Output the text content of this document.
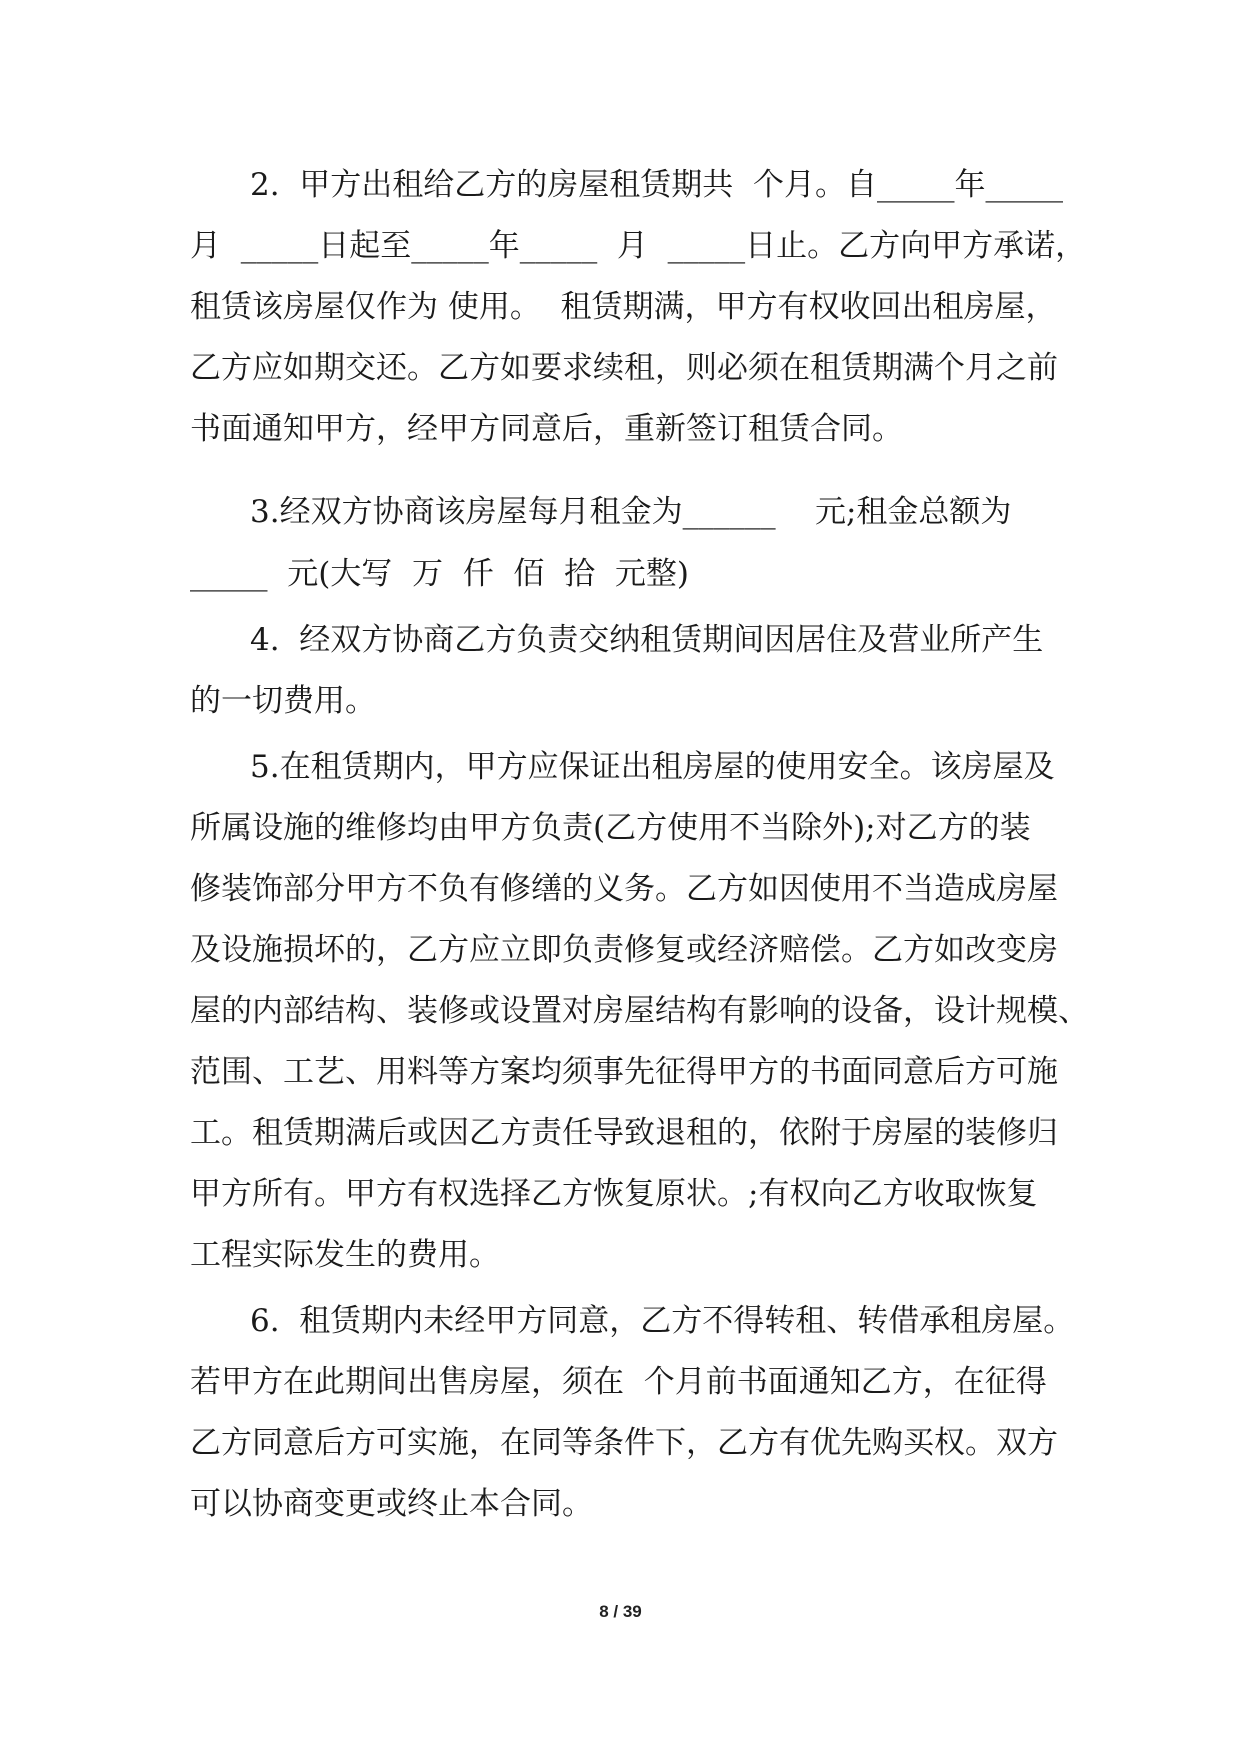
2.  甲方出租给乙方的房屋租赁期共  个月。自_____年_____
月  _____日起至_____年_____  月  _____日止。乙方向甲方承诺，
租赁该房屋仅作为 使用。  租赁期满，甲方有权收回出租房屋，
乙方应如期交还。乙方如要求续租，则必须在租赁期满个月之前
书面通知甲方，经甲方同意后，重新签订租赁合同。
3.经双方协商该房屋每月租金为______    元;租金总额为
_____  元(大写  万  仟  佰  拾  元整)
4.  经双方协商乙方负责交纳租赁期间因居住及营业所产生
的一切费用。
5.在租赁期内，甲方应保证出租房屋的使用安全。该房屋及
所属设施的维修均由甲方负责(乙方使用不当除外);对乙方的装
修装饰部分甲方不负有修缮的义务。乙方如因使用不当造成房屋
及设施损坏的，乙方应立即负责修复或经济赔偿。乙方如改变房
屋的内部结构、装修或设置对房屋结构有影响的设备，设计规模、
范围、工艺、用料等方案均须事先征得甲方的书面同意后方可施
工。租赁期满后或因乙方责任导致退租的，依附于房屋的装修归
甲方所有。甲方有权选择乙方恢复原状。;有权向乙方收取恢复
工程实际发生的费用。
6.  租赁期内未经甲方同意，乙方不得转租、转借承租房屋。
若甲方在此期间出售房屋，须在  个月前书面通知乙方，在征得
乙方同意后方可实施，在同等条件下，乙方有优先购买权。双方
可以协商变更或终止本合同。
8 / 39
